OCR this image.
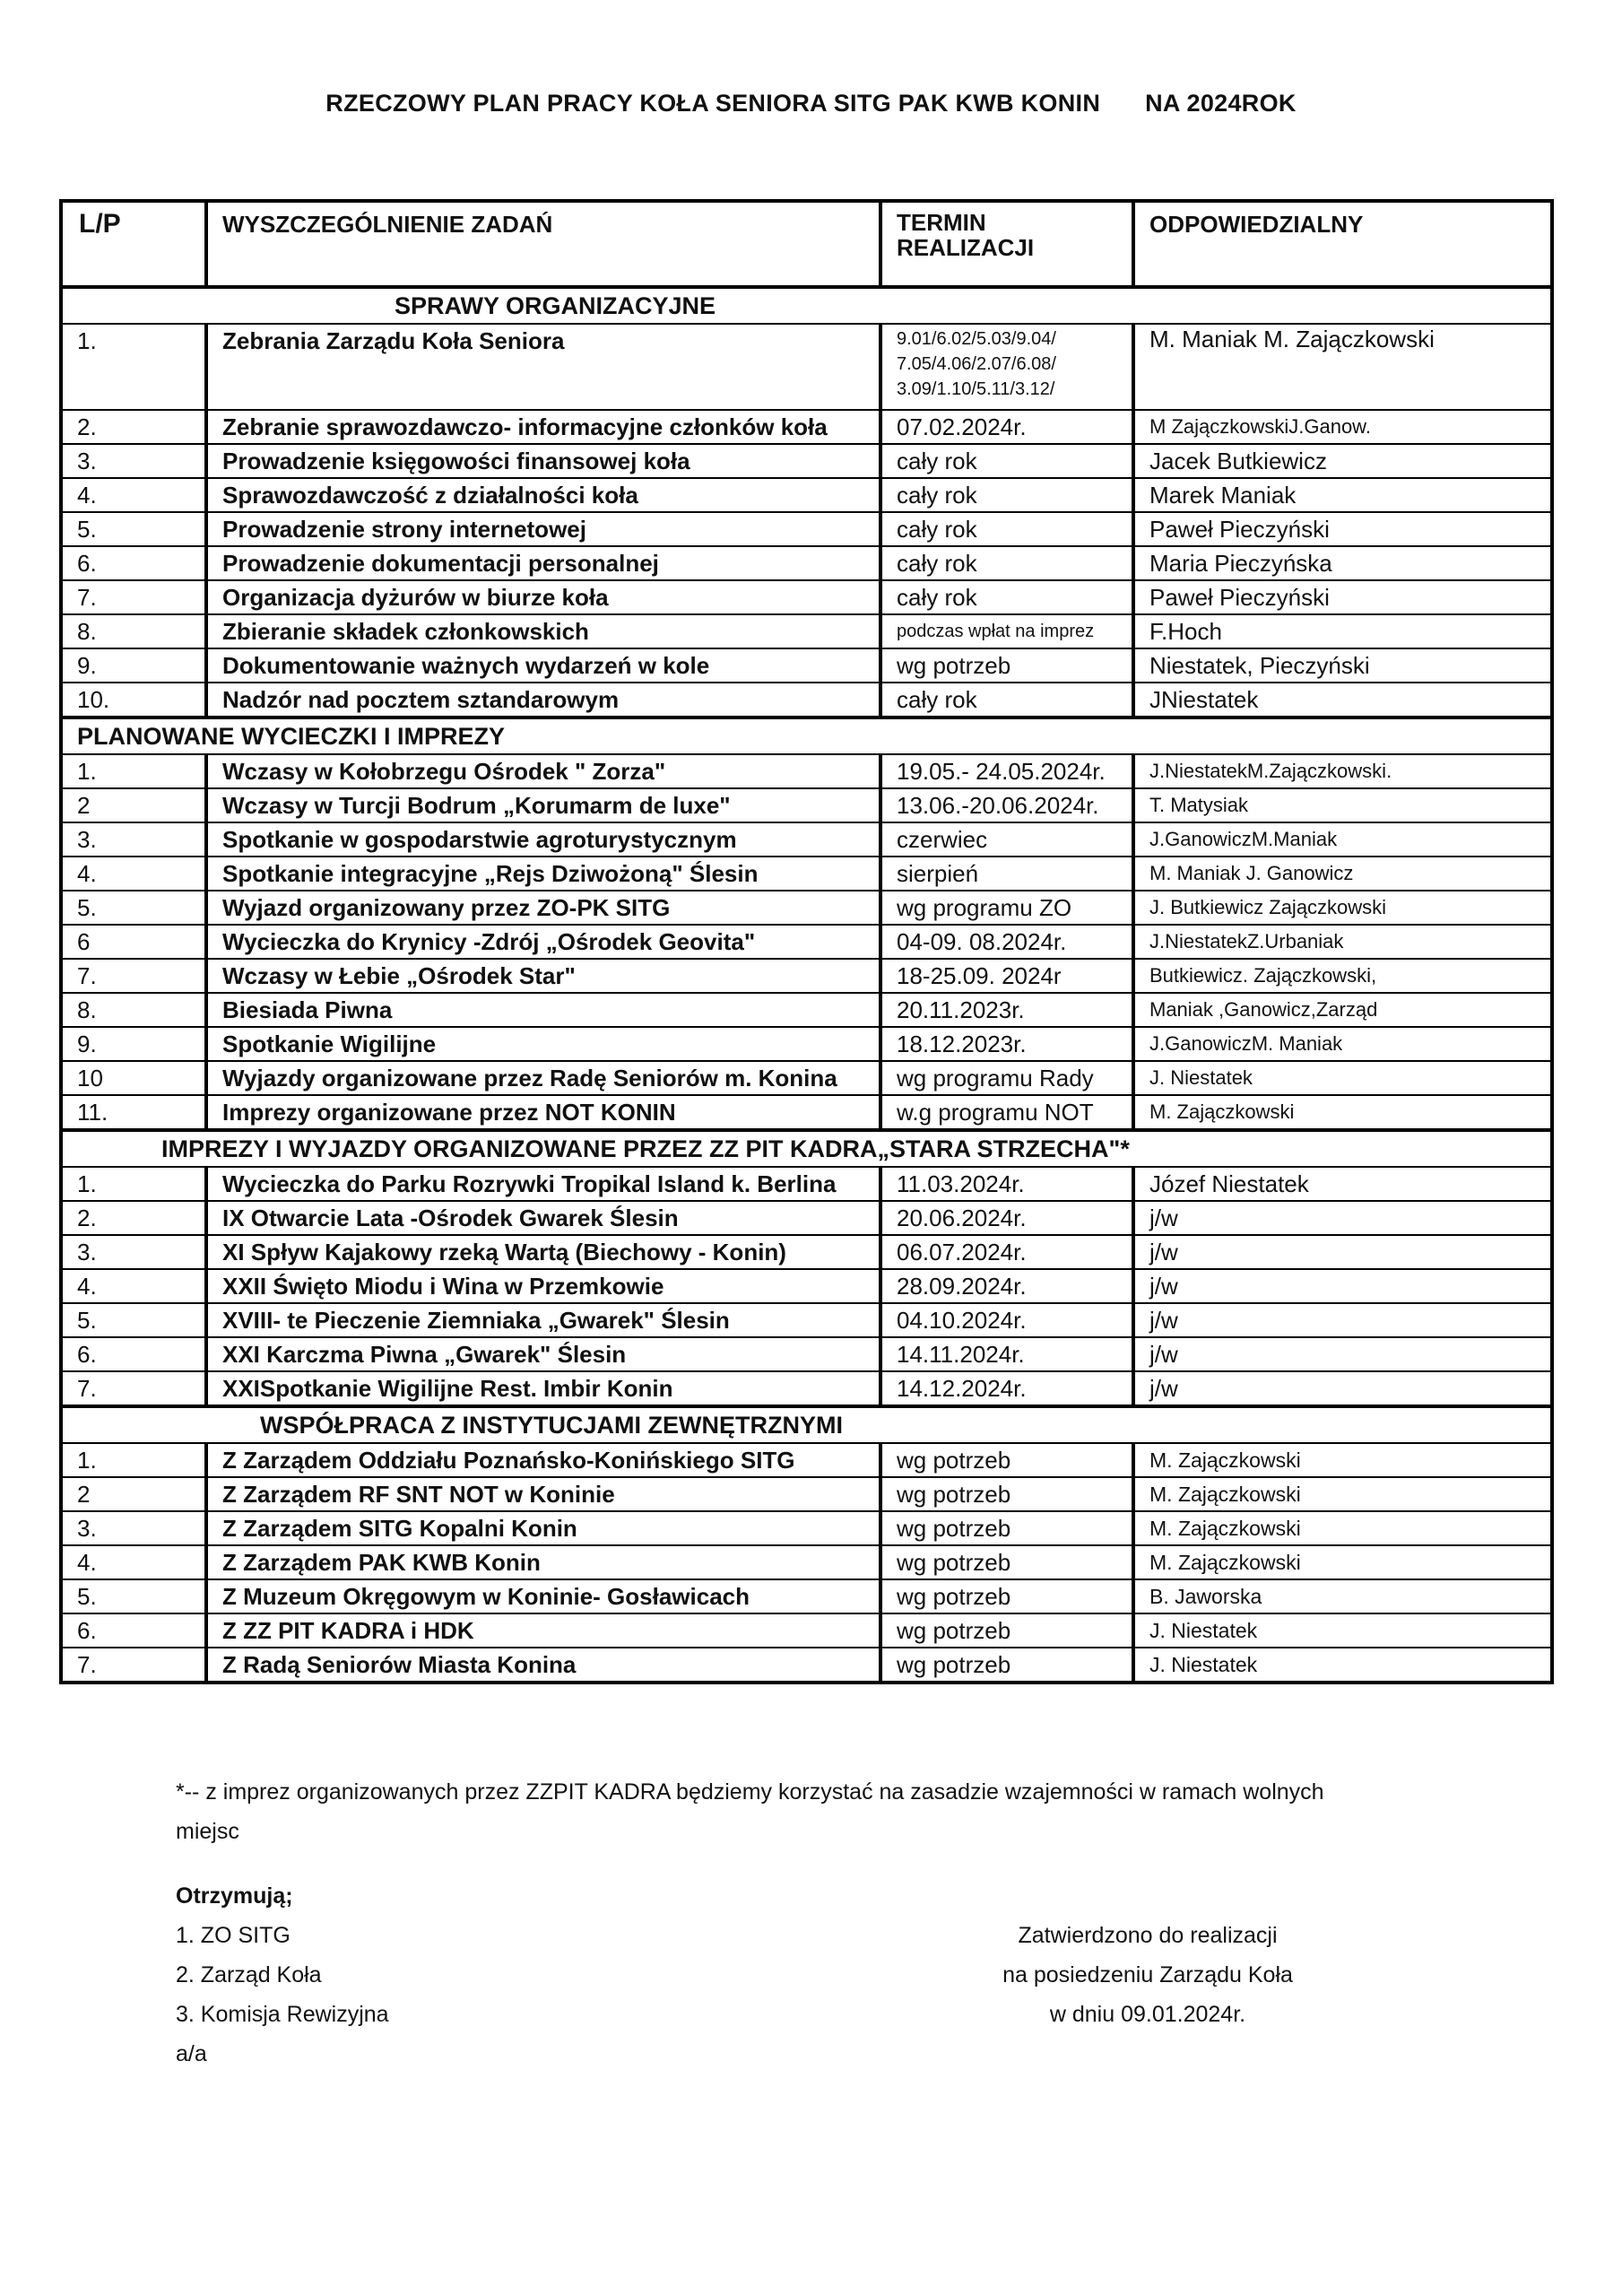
RZECZOWY PLAN PRACY KOŁA SENIORA SITG PAK KWB KONIN NA 2024ROK
L/P	WYSZCZEGÓLNIENIE ZADAŃ	TERMIN REALIZACJI	ODPOWIEDZIALNY
SPRAWY ORGANIZACYJNE			
1.	Zebrania Zarządu Koła Seniora	9.01/6.02/5.03/9.04/ 7.05/4.06/2.07/6.08/ 3.09/1.10/5.11/3.12/	M. Maniak M. Zajączkowski
2.	Zebranie sprawozdawczo- informacyjne członków koła	07.02.2024r.	M ZajączkowskiJ.Ganow.
3.	Prowadzenie księgowości finansowej koła	cały rok	Jacek Butkiewicz
4.	Sprawozdawczość z działalności koła	cały rok	Marek Maniak
5.	Prowadzenie strony internetowej	cały rok	Paweł Pieczyński
6.	Prowadzenie dokumentacji personalnej	cały rok	Maria Pieczyńska
7.	Organizacja dyżurów w biurze koła	cały rok	Paweł Pieczyński
8.	Zbieranie składek członkowskich	podczas wpłat na imprez	F.Hoch
9.	Dokumentowanie ważnych wydarzeń w kole	wg potrzeb	Niestatek, Pieczyński
10.	Nadzór nad pocztem sztandarowym	cały rok	JNiestatek
PLANOWANE WYCIECZKI I IMPREZY			
1.	Wczasy w Kołobrzegu Ośrodek " Zorza"	19.05.- 24.05.2024r.	J.NiestatekM.Zajączkowski.
2	Wczasy w Turcji Bodrum „Korumarm de luxe"	13.06.-20.06.2024r.	T. Matysiak
3.	Spotkanie w gospodarstwie agroturystycznym	czerwiec	J.GanowiczM.Maniak
4.	Spotkanie integracyjne „Rejs Dziwożoną" Ślesin	sierpień	M. Maniak J. Ganowicz
5.	Wyjazd organizowany przez ZO-PK SITG	wg programu ZO	J. Butkiewicz Zajączkowski
6	Wycieczka do Krynicy -Zdrój „Ośrodek Geovita"	04-09. 08.2024r.	J.NiestatekZ.Urbaniak
7.	Wczasy w Łebie „Ośrodek Star"	18-25.09. 2024r	Butkiewicz. Zajączkowski,
8.	Biesiada Piwna	20.11.2023r.	Maniak ,Ganowicz,Zarząd
9.	Spotkanie Wigilijne	18.12.2023r.	J.GanowiczM. Maniak
10	Wyjazdy organizowane przez Radę Seniorów m. Konina	wg programu Rady	J. Niestatek
11.	Imprezy organizowane przez NOT KONIN	w.g programu NOT	M. Zajączkowski
IMPREZY I WYJAZDY ORGANIZOWANE PRZEZ ZZ PIT KADRA„STARA STRZECHA"*			
1.	Wycieczka do Parku Rozrywki Tropikal Island k. Berlina	11.03.2024r.	Józef Niestatek
2.	IX Otwarcie Lata -Ośrodek Gwarek Ślesin	20.06.2024r.	j/w
3.	XI Spływ Kajakowy rzeką Wartą (Biechowy - Konin)	06.07.2024r.	j/w
4.	XXII Święto Miodu i Wina w Przemkowie	28.09.2024r.	j/w
5.	XVIII- te Pieczenie Ziemniaka „Gwarek" Ślesin	04.10.2024r.	j/w
6.	XXI Karczma Piwna „Gwarek" Ślesin	14.11.2024r.	j/w
7.	XXISpotkanie Wigilijne Rest. Imbir Konin	14.12.2024r.	j/w
WSPÓŁPRACA Z INSTYTUCJAMI ZEWNĘTRZNYMI			
1.	Z Zarządem Oddziału Poznańsko-Konińskiego SITG	wg potrzeb	M. Zajączkowski
2	Z Zarządem RF SNT NOT w Koninie	wg potrzeb	M. Zajączkowski
3.	Z Zarządem SITG Kopalni Konin	wg potrzeb	M. Zajączkowski
4.	Z Zarządem PAK KWB Konin	wg potrzeb	M. Zajączkowski
5.	Z Muzeum Okręgowym w Koninie- Gosławicach	wg potrzeb	B. Jaworska
6.	Z ZZ PIT KADRA i HDK	wg potrzeb	J. Niestatek
7.	Z Radą Seniorów Miasta Konina	wg potrzeb	J. Niestatek
*-- z imprez organizowanych przez ZZPIT KADRA będziemy korzystać na zasadzie wzajemności w ramach wolnych miejsc
Otrzymują;
1. ZO SITG
2. Zarząd Koła
3. Komisja Rewizyjna
a/a
Zatwierdzono do realizacji
na posiedzeniu Zarządu Koła
w dniu 09.01.2024r.
